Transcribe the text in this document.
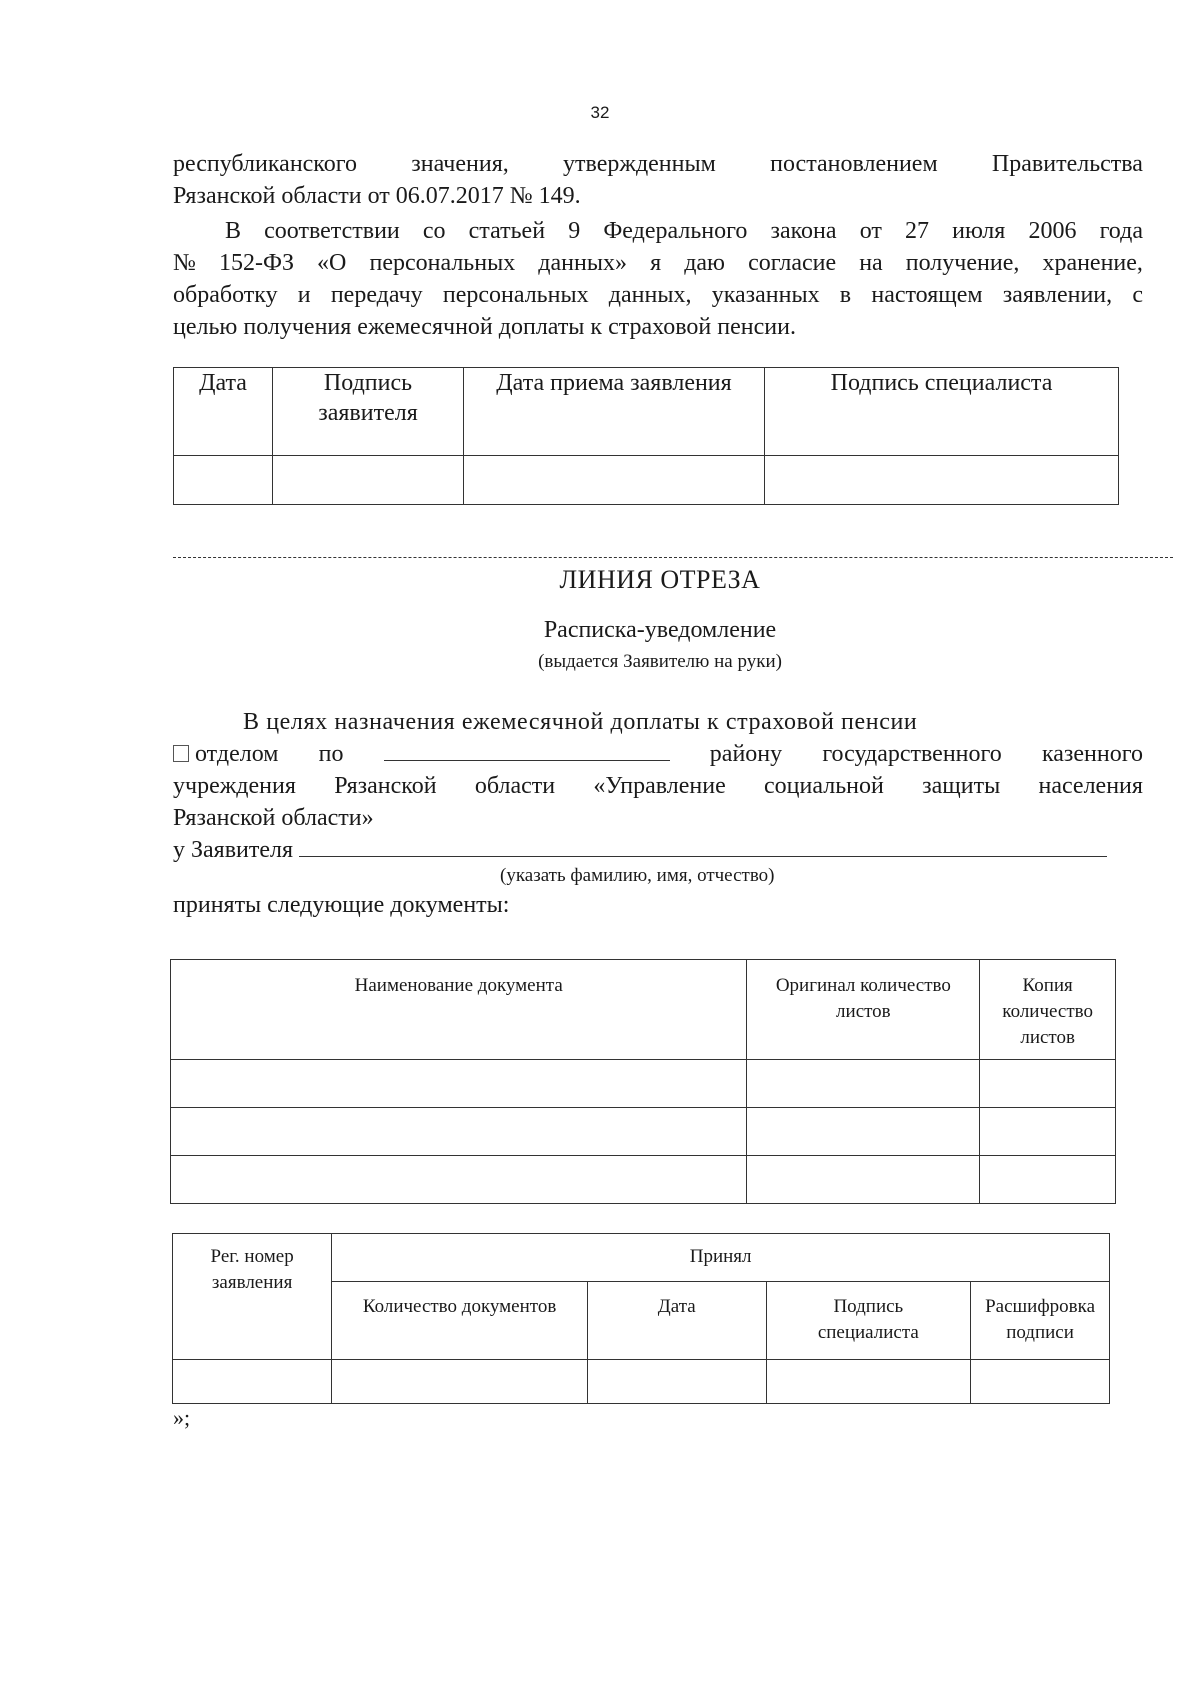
32
республиканского значения, утвержденным постановлением Правительства
Рязанской области от 06.07.2017 № 149.
В соответствии со статьей 9 Федерального закона от 27 июля 2006 года
№ 152-ФЗ «О персональных данных» я даю согласие на получение, хранение,
обработку и передачу персональных данных, указанных в настоящем заявлении, с
целью получения ежемесячной доплаты к страховой пенсии.
Дата	Подпись заявителя	Дата приема заявления	Подпись специалиста

ЛИНИЯ ОТРЕЗА
Расписка-уведомление
(выдается Заявителю на руки)
В целях назначения ежемесячной доплаты к страховой пенсии
отделом по	району государственного казенного
учреждения Рязанской области «Управление социальной защиты населения
Рязанской области»
у Заявителя
(указать фамилию, имя, отчество)
приняты следующие документы:
Наименование документа	Оригинал количество листов	Копия количество листов

Рег. номер заявления	Принял			
	Количество документов	Дата	Подпись специалиста	Расшифровка подписи

»;
